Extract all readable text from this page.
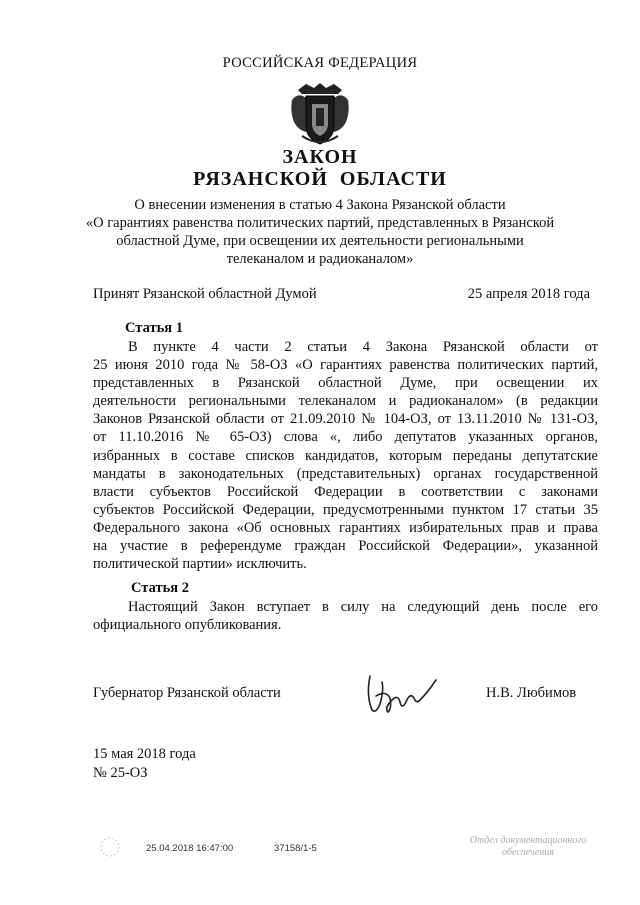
РОССИЙСКАЯ ФЕДЕРАЦИЯ
ЗАКОН
РЯЗАНСКОЙ ОБЛАСТИ
О внесении изменения в статью 4 Закона Рязанской области
«О гарантиях равенства политических партий, представленных в Рязанской
областной Думе, при освещении их деятельности региональными
телеканалом и радиоканалом»
Принят Рязанской областной Думой	25 апреля 2018 года
Статья 1
В пункте 4 части 2 статьи 4 Закона Рязанской области от
25 июня 2010 года № 58-ОЗ «О гарантиях равенства политических партий,
представленных в Рязанской областной Думе, при освещении их
деятельности региональными телеканалом и радиоканалом» (в редакции
Законов Рязанской области от 21.09.2010 № 104-ОЗ, от 13.11.2010 № 131-ОЗ,
от 11.10.2016 № 65-ОЗ) слова «, либо депутатов указанных органов,
избранных в составе списков кандидатов, которым переданы депутатские
мандаты в законодательных (представительных) органах государственной
власти субъектов Российской Федерации в соответствии с законами
субъектов Российской Федерации, предусмотренными пунктом 17 статьи 35
Федерального закона «Об основных гарантиях избирательных прав и права
на участие в референдуме граждан Российской Федерации», указанной
политической партии» исключить.
Статья 2
Настоящий Закон вступает в силу на следующий день после его
официального опубликования.
Губернатор Рязанской области	Н.В. Любимов
15 мая 2018 года
№ 25-ОЗ
25.04.2018 16:47:00	37158/1-5
Отдел документационного
обеспечения
